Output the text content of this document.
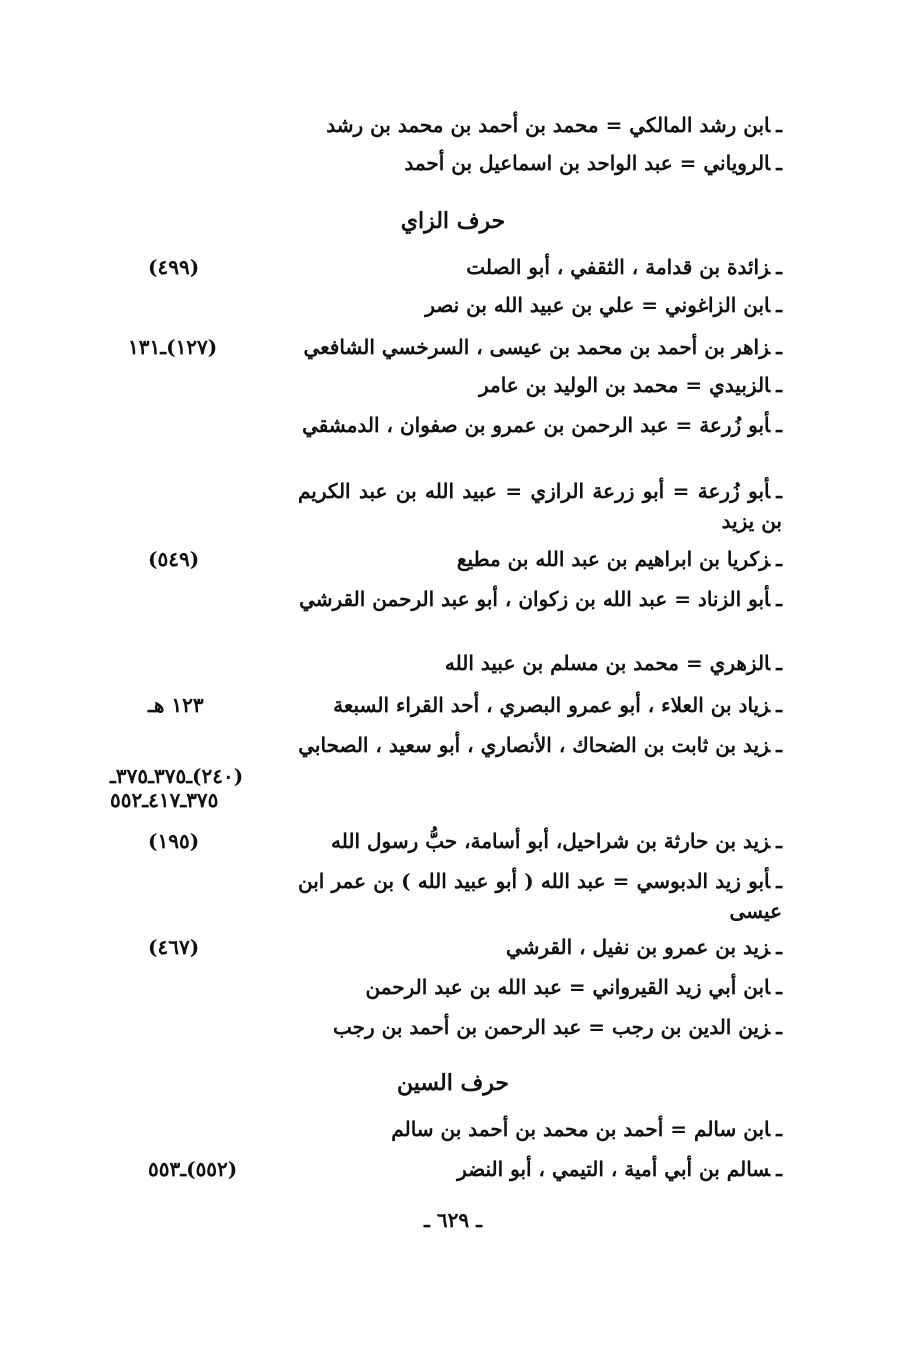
ـابن رشد المالكي = محمد بن أحمد بن محمد بن رشد
ـالروياني = عبد الواحد بن اسماعيل بن أحمد
حرف الزاي
ـزائدة بن قدامة ، الثقفي ، أبو الصلت
(٤٩٩)
ـابن الزاغوني = علي بن عبيد الله بن نصر
ـزاهر بن أحمد بن محمد بن عيسى ، السرخسي الشافعي
(١٢٧)ـ١٣١
ـالزبيدي = محمد بن الوليد بن عامر
ـأبو زُرعة = عبد الرحمن بن عمرو بن صفوان ، الدمشقي
ـأبو زُرعة = أبو زرعة الرازي = عبيد الله بن عبد الكريم بن يزيد
ـزكريا بن ابراهيم بن عبد الله بن مطيع
(٥٤٩)
ـأبو الزناد = عبد الله بن زكوان ، أبو عبد الرحمن القرشي
ـالزهري = محمد بن مسلم بن عبيد الله
ـزياد بن العلاء ، أبو عمرو البصري ، أحد القراء السبعة
١٢٣ هـ
ـزيد بن ثابت بن الضحاك ، الأنصاري ، أبو سعيد ، الصحابي
(٢٤٠)ـ٣٧٥ـ٣٧٥ـ ٣٧٥ـ٤١٧ـ٥٥٢
ـزيد بن حارثة بن شراحيل، أبو أسامة، حبُّ رسول الله
(١٩٥)
ـأبو زيد الدبوسي = عبد الله ( أبو عبيد الله ) بن عمر ابن عيسى
ـزيد بن عمرو بن نفيل ، القرشي
(٤٦٧)
ـابن أبي زيد القيرواني = عبد الله بن عبد الرحمن
ـزين الدين بن رجب = عبد الرحمن بن أحمد بن رجب
حرف السين
ـابن سالم = أحمد بن محمد بن أحمد بن سالم
ـسالم بن أبي أمية ، التيمي ، أبو النضر
(٥٥٢)ـ٥٥٣
ـ ٦٢٩ ـ
